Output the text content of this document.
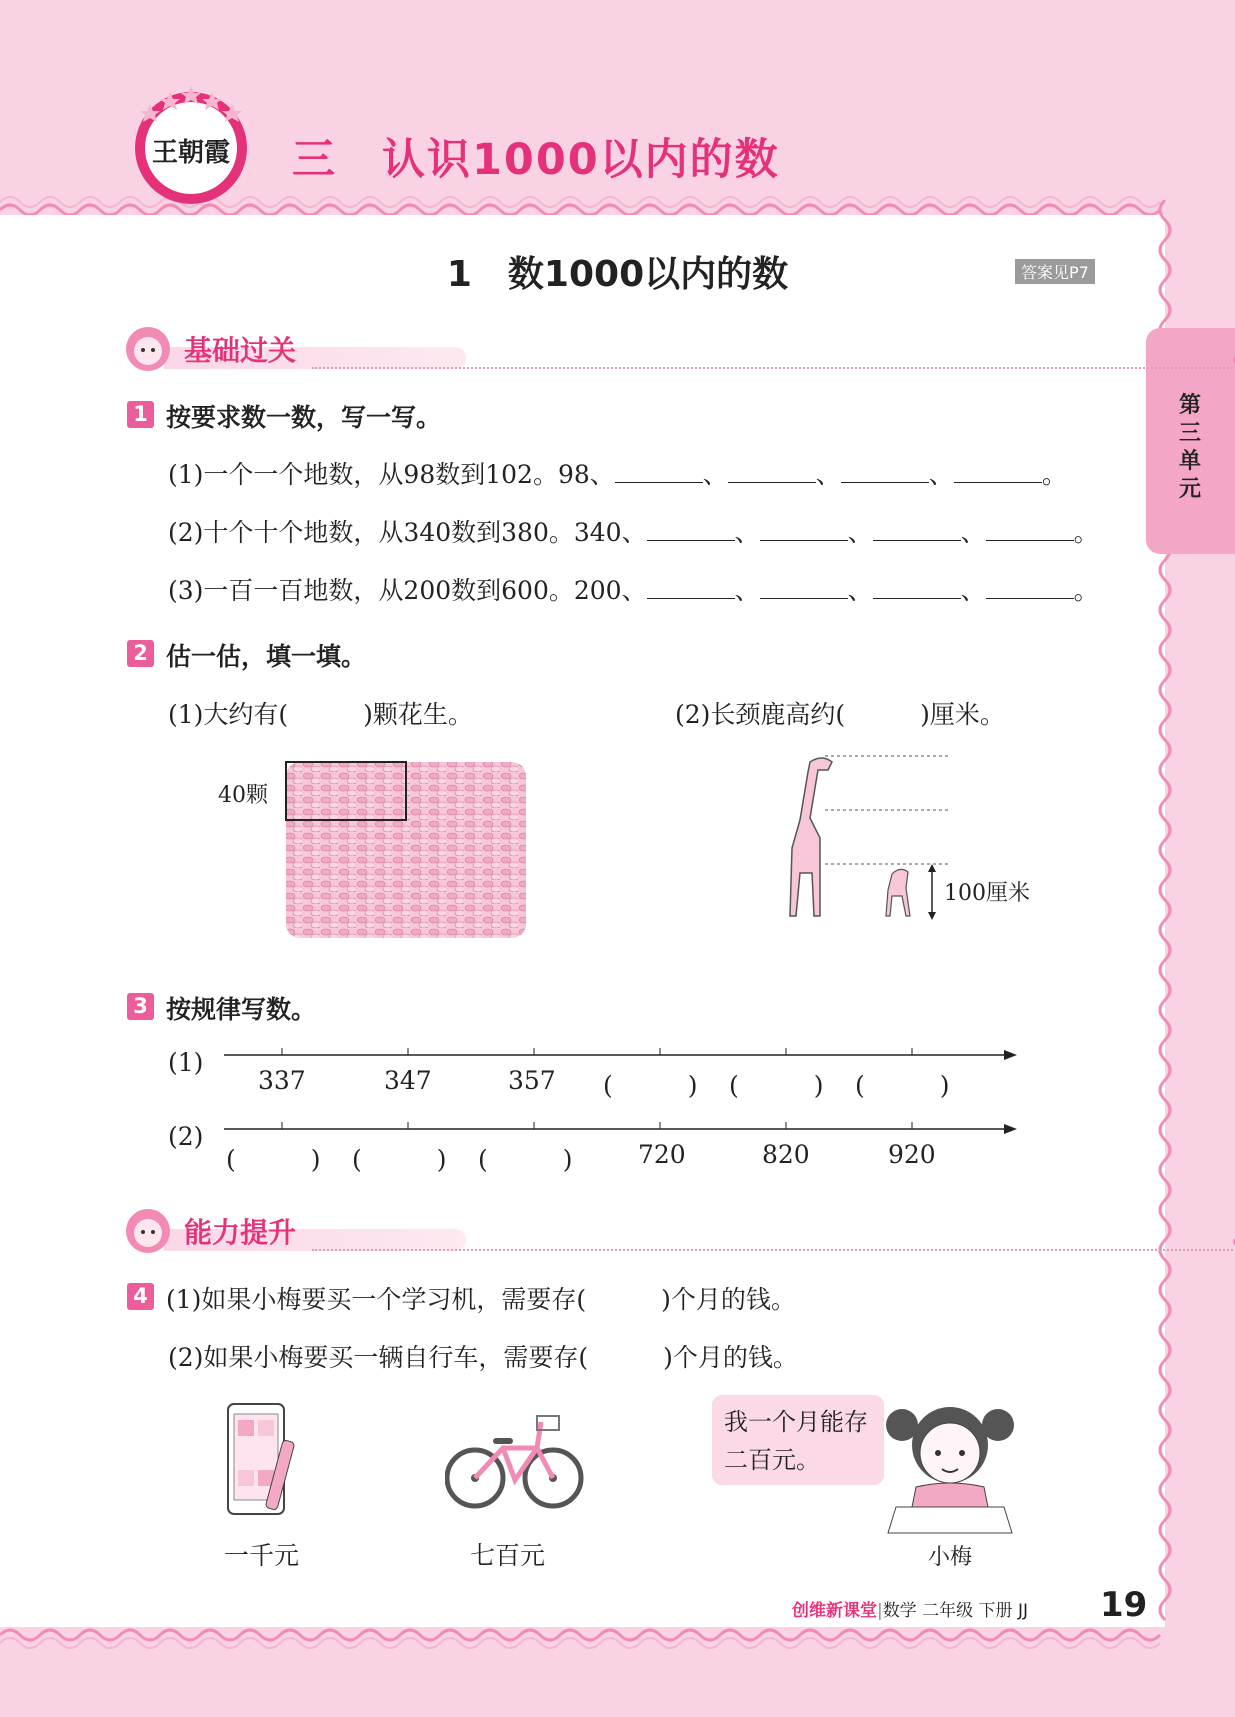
王朝霞 三　认识1000以内的数
1　数1000以内的数	答案见P7
第三单元
基础过关
1 按要求数一数，写一写。
(1)一个一个地数，从98数到102。98、	、	、	、	。
(2)十个十个地数，从340数到380。340、	、	、	、	。
(3)一百一百地数，从200数到600。200、	、	、	、	。
2 估一估，填一填。
(1)大约有(　　　)颗花生。	(2)长颈鹿高约(　　　)厘米。
40颗
100厘米
3 按规律写数。
(1)
337	347	357 (　　　) (　　　) (　　　)
(2)
(　　　) (　　　) (　　　)	720	820	920
能力提升
4 (1)如果小梅要买一个学习机，需要存(　　　)个月的钱。
(2)如果小梅要买一辆自行车，需要存(　　　)个月的钱。
一千元	七百元
我一个月能存二百元。
小梅
创维新课堂|数学 二年级 下册 JJ 19
